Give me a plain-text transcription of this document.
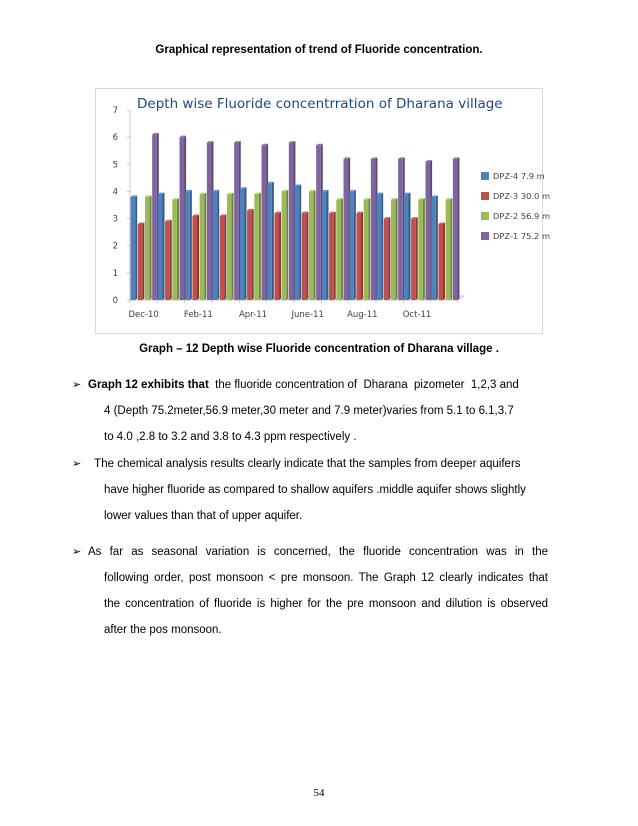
Graphical representation of trend of Fluoride concentration.
Depth wise Fluoride concentrration of Dharana village
0
1
2
3
4
5
6
7
Dec-10	Feb-11	Apr-11	June-11	Aug-11	Oct-11
DPZ-4 7.9 m
DPZ-3 30.0 m
DPZ-2 56.9 m
DPZ-1 75.2 m
Graph – 12 Depth wise Fluoride concentration of Dharana village .
➢ Graph 12 exhibits that  the fluoride concentration of  Dharana  pizometer  1,2,3 and
4 (Depth 75.2meter,56.9 meter,30 meter and 7.9 meter)varies from 5.1 to 6.1,3.7
to 4.0 ,2.8 to 3.2 and 3.8 to 4.3 ppm respectively .
➢ The chemical analysis results clearly indicate that the samples from deeper aquifers
have higher fluoride as compared to shallow aquifers .middle aquifer shows slightly
lower values than that of upper aquifer.
➢ As far as seasonal variation is concerned, the fluoride concentration was in the
following order, post monsoon < pre monsoon. The Graph 12 clearly indicates that
the concentration of fluoride is higher for the pre monsoon and dilution is observed
after the pos monsoon.
54
